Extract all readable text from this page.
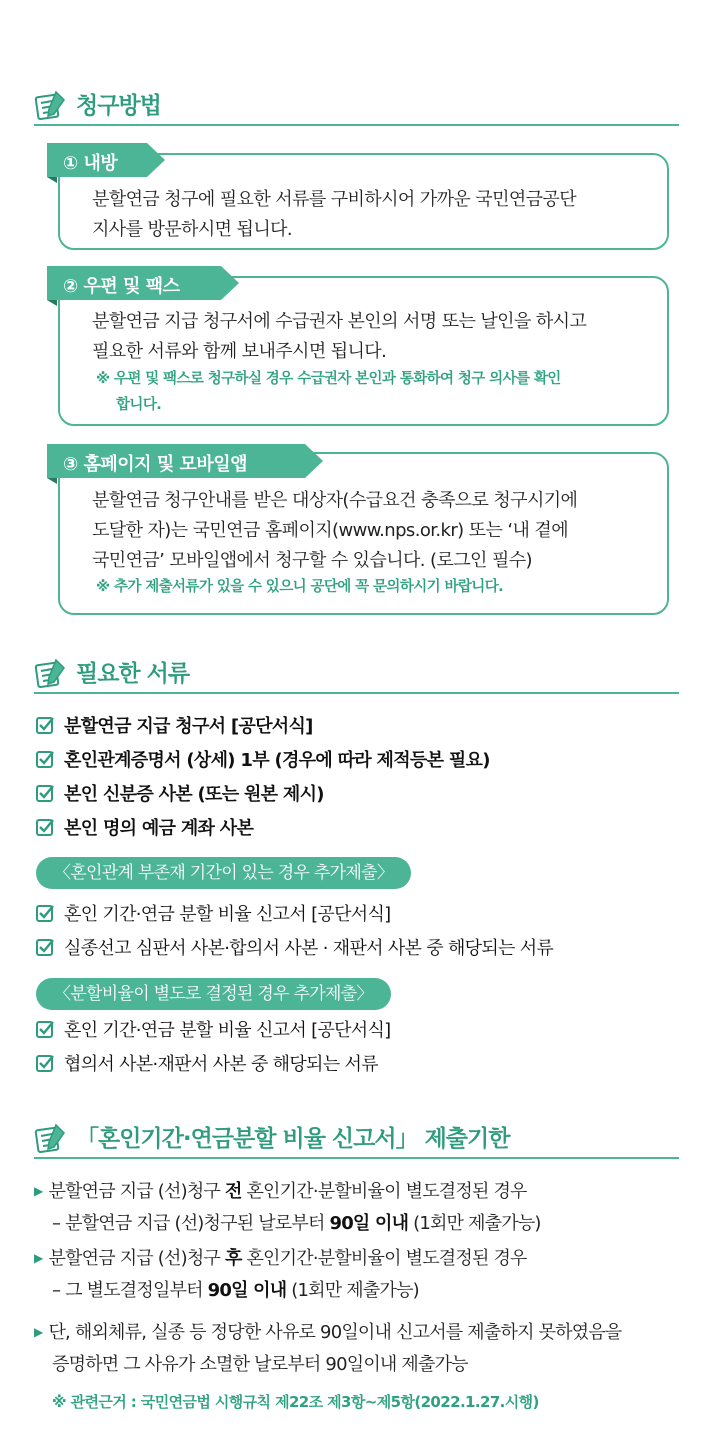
청구방법
① 내방
분할연금 청구에 필요한 서류를 구비하시어 가까운 국민연금공단
지사를 방문하시면 됩니다.
② 우편 및 팩스
분할연금 지급 청구서에 수급권자 본인의 서명 또는 날인을 하시고
필요한 서류와 함께 보내주시면 됩니다.
※ 우편 및 팩스로 청구하실 경우 수급권자 본인과 통화하여 청구 의사를 확인
합니다.
③ 홈페이지 및 모바일앱
분할연금 청구안내를 받은 대상자(수급요건 충족으로 청구시기에
도달한 자)는 국민연금 홈페이지(www.nps.or.kr) 또는 ‘내 곁에
국민연금’ 모바일앱에서 청구할 수 있습니다. (로그인 필수)
※ 추가 제출서류가 있을 수 있으니 공단에 꼭 문의하시기 바랍니다.
필요한 서류
분할연금 지급 청구서 [공단서식]
혼인관계증명서 (상세) 1부 (경우에 따라 제적등본 필요)
본인 신분증 사본 (또는 원본 제시)
본인 명의 예금 계좌 사본
〈혼인관계 부존재 기간이 있는 경우 추가제출〉
혼인 기간·연금 분할 비율 신고서 [공단서식]
실종선고 심판서 사본·합의서 사본 · 재판서 사본 중 해당되는 서류
〈분할비율이 별도로 결정된 경우 추가제출〉
혼인 기간·연금 분할 비율 신고서 [공단서식]
협의서 사본·재판서 사본 중 해당되는 서류
「혼인기간·연금분할 비율 신고서」 제출기한
▶ 분할연금 지급 (선)청구 전 혼인기간·분할비율이 별도결정된 경우
– 분할연금 지급 (선)청구된 날로부터 90일 이내 (1회만 제출가능)
▶ 분할연금 지급 (선)청구 후 혼인기간·분할비율이 별도결정된 경우
– 그 별도결정일부터 90일 이내 (1회만 제출가능)
▶ 단, 해외체류, 실종 등 정당한 사유로 90일이내 신고서를 제출하지 못하였음을
증명하면 그 사유가 소멸한 날로부터 90일이내 제출가능
※ 관련근거 : 국민연금법 시행규칙 제22조 제3항~제5항(2022.1.27.시행)
